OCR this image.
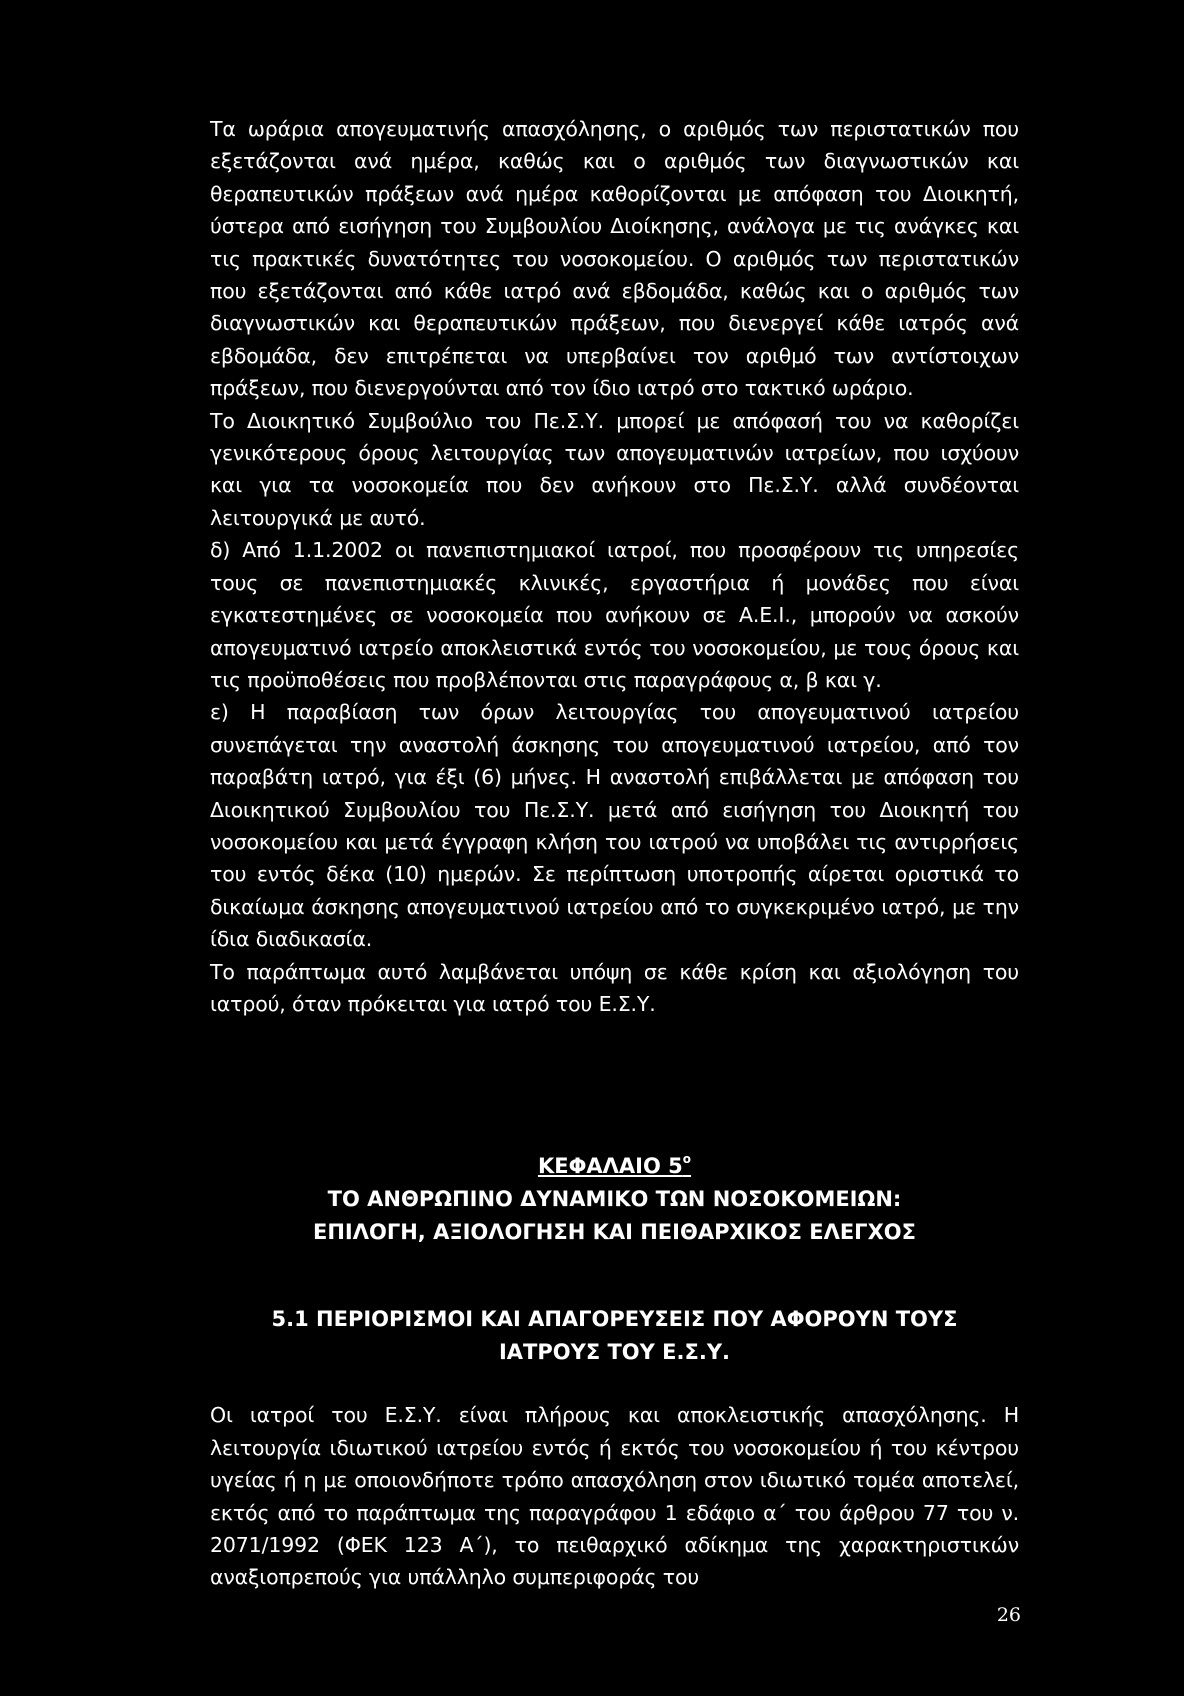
Τα ωράρια απογευματινής απασχόλησης, ο αριθμός των περιστατικών που εξετάζονται ανά ημέρα, καθώς και ο αριθμός των διαγνωστικών και θεραπευτικών πράξεων ανά ημέρα καθορίζονται με απόφαση του Διοικητή, ύστερα από εισήγηση του Συμβουλίου Διοίκησης, ανάλογα με τις ανάγκες και τις πρακτικές δυνατότητες του νοσοκομείου. Ο αριθμός των περιστατικών που εξετάζονται από κάθε ιατρό ανά εβδομάδα, καθώς και ο αριθμός των διαγνωστικών και θεραπευτικών πράξεων, που διενεργεί κάθε ιατρός ανά εβδομάδα, δεν επιτρέπεται να υπερβαίνει τον αριθμό των αντίστοιχων πράξεων, που διενεργούνται από τον ίδιο ιατρό στο τακτικό ωράριο.

Το Διοικητικό Συμβούλιο του Πε.Σ.Υ. μπορεί με απόφασή του να καθορίζει γενικότερους όρους λειτουργίας των απογευματινών ιατρείων, που ισχύουν και για τα νοσοκομεία που δεν ανήκουν στο Πε.Σ.Υ. αλλά συνδέονται λειτουργικά με αυτό.

δ) Από 1.1.2002 οι πανεπιστημιακοί ιατροί, που προσφέρουν τις υπηρεσίες τους σε πανεπιστημιακές κλινικές, εργαστήρια ή μονάδες που είναι εγκατεστημένες σε νοσοκομεία που ανήκουν σε Α.Ε.Ι., μπορούν να ασκούν απογευματινό ιατρείο αποκλειστικά εντός του νοσοκομείου, με τους όρους και τις προϋποθέσεις που προβλέπονται στις παραγράφους α, β και γ.

ε) Η παραβίαση των όρων λειτουργίας του απογευματινού ιατρείου συνεπάγεται την αναστολή άσκησης του απογευματινού ιατρείου, από τον παραβάτη ιατρό, για έξι (6) μήνες. Η αναστολή επιβάλλεται με απόφαση του Διοικητικού Συμβουλίου του Πε.Σ.Υ. μετά από εισήγηση του Διοικητή του νοσοκομείου και μετά έγγραφη κλήση του ιατρού να υποβάλει τις αντιρρήσεις του εντός δέκα (10) ημερών. Σε περίπτωση υποτροπής αίρεται οριστικά το δικαίωμα άσκησης απογευματινού ιατρείου από το συγκεκριμένο ιατρό, με την ίδια διαδικασία.

Το παράπτωμα αυτό λαμβάνεται υπόψη σε κάθε κρίση και αξιολόγηση του ιατρού, όταν πρόκειται για ιατρό του Ε.Σ.Υ.

ΚΕΦΑΛΑΙΟ $5^o$

ΤΟ ΑΝΘΡΩΠΙΝΟ ΔΥΝΑΜΙΚΟ ΤΩΝ ΝΟΣΟΚΟΜΕΙΩΝ:

ΕΠΙΛΟΓΗ, ΑΞΙΟΛΟΓΗΣΗ ΚΑΙ ΠΕΙΘΑΡΧΙΚΟΣ ΕΛΕΓΧΟΣ

5.1 ΠΕΡΙΟΡΙΣΜΟΙ ΚΑΙ ΑΠΑΓΟΡΕΥΣΕΙΣ ΠΟΥ ΑΦΟΡΟΥΝ ΤΟΥΣ
ΙΑΤΡΟΥΣ ΤΟΥ Ε.Σ.Υ.

Οι ιατροί του Ε.Σ.Υ. είναι πλήρους και αποκλειστικής απασχόλησης. Η λειτουργία ιδιωτικού ιατρείου εντός ή εκτός του νοσοκομείου ή του κέντρου υγείας ή η με οποιονδήποτε τρόπο απασχόληση στον ιδιωτικό τομέα αποτελεί, εκτός από το παράπτωμα της παραγράφου 1 εδάφιο α΄ του άρθρου 77 του ν. 2071/1992 (ΦΕΚ 123 Α΄), το πειθαρχικό αδίκημα της χαρακτηριστικών αναξιοπρεπούς για υπάλληλο συμπεριφοράς του

26
